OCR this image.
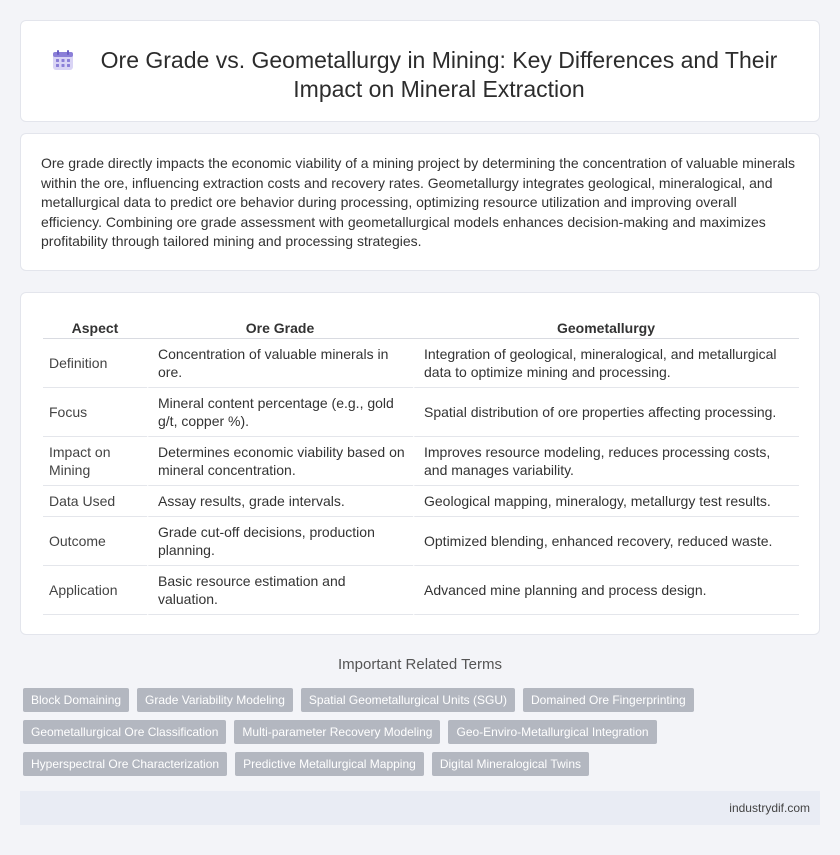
Ore Grade vs. Geometallurgy in Mining: Key Differences and Their Impact on Mineral Extraction

Ore grade directly impacts the economic viability of a mining project by determining the concentration of valuable minerals within the ore, influencing extraction costs and recovery rates. Geometallurgy integrates geological, mineralogical, and metallurgical data to predict ore behavior during processing, optimizing resource utilization and improving overall efficiency. Combining ore grade assessment with geometallurgical models enhances decision-making and maximizes profitability through tailored mining and processing strategies.

Aspect	Ore Grade	Geometallurgy
Definition	Concentration of valuable minerals in ore.	Integration of geological, mineralogical, and metallurgical data to optimize mining and processing.
Focus	Mineral content percentage (e.g., gold g/t, copper %).	Spatial distribution of ore properties affecting processing.
Impact on Mining	Determines economic viability based on mineral concentration.	Improves resource modeling, reduces processing costs, and manages variability.
Data Used	Assay results, grade intervals.	Geological mapping, mineralogy, metallurgy test results.
Outcome	Grade cut-off decisions, production planning.	Optimized blending, enhanced recovery, reduced waste.
Application	Basic resource estimation and valuation.	Advanced mine planning and process design.
Important Related Terms
Block Domaining	Grade Variability Modeling	Spatial Geometallurgical Units (SGU)	Domained Ore Fingerprinting
Geometallurgical Ore Classification	Multi-parameter Recovery Modeling	Geo-Enviro-Metallurgical Integration
Hyperspectral Ore Characterization	Predictive Metallurgical Mapping	Digital Mineralogical Twins
industrydif.com
